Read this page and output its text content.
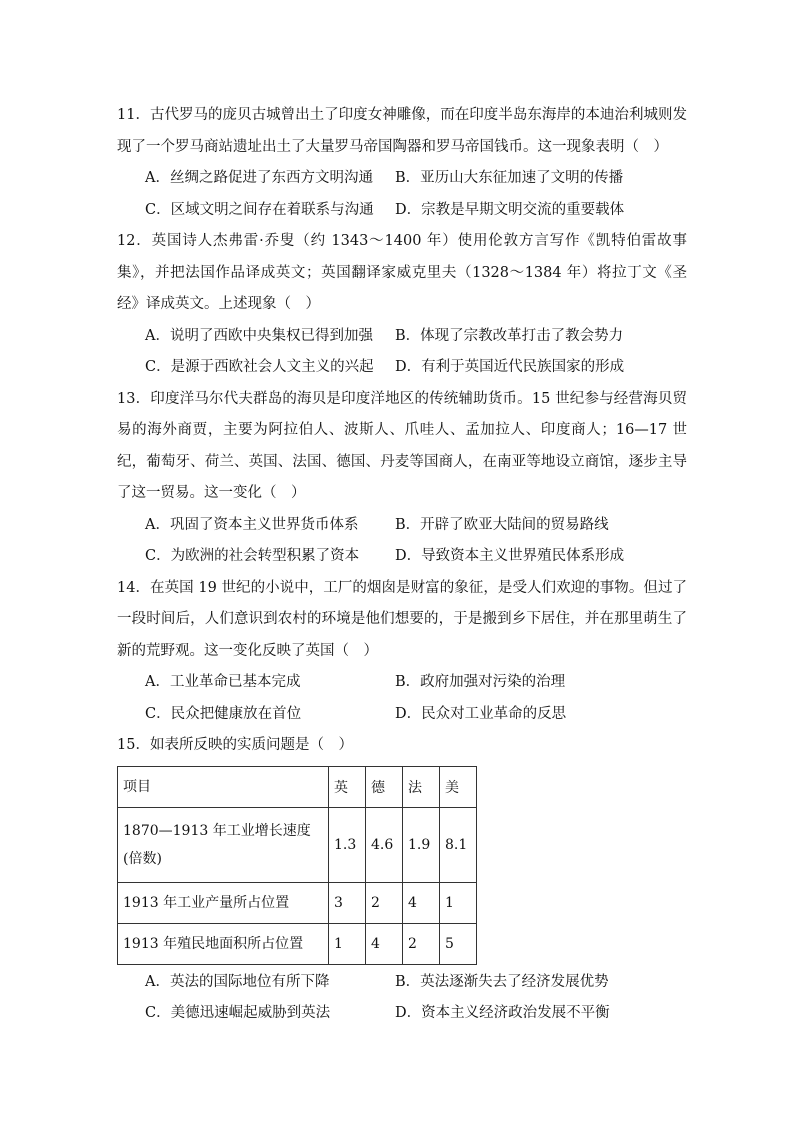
11．古代罗马的庞贝古城曾出土了印度女神雕像，而在印度半岛东海岸的本迪治利城则发现了一个罗马商站遗址出土了大量罗马帝国陶器和罗马帝国钱币。这一现象表明（　）

A．丝绸之路促进了东西方文明沟通	B．亚历山大东征加速了文明的传播
C．区域文明之间存在着联系与沟通	D．宗教是早期文明交流的重要载体

12．英国诗人杰弗雷·乔叟（约 1343～1400 年）使用伦敦方言写作《凯特伯雷故事集》，并把法国作品译成英文；英国翻译家威克里夫（1328～1384 年）将拉丁文《圣经》译成英文。上述现象（　）

A．说明了西欧中央集权已得到加强	B．体现了宗教改革打击了教会势力
C．是源于西欧社会人文主义的兴起	D．有利于英国近代民族国家的形成

13．印度洋马尔代夫群岛的海贝是印度洋地区的传统辅助货币。15 世纪参与经营海贝贸易的海外商贾，主要为阿拉伯人、波斯人、爪哇人、孟加拉人、印度商人；16—17 世纪，葡萄牙、荷兰、英国、法国、德国、丹麦等国商人，在南亚等地设立商馆，逐步主导了这一贸易。这一变化（　）

A．巩固了资本主义世界货币体系	B．开辟了欧亚大陆间的贸易路线
C．为欧洲的社会转型积累了资本	D．导致资本主义世界殖民体系形成

14．在英国 19 世纪的小说中，工厂的烟囱是财富的象征，是受人们欢迎的事物。但过了一段时间后，人们意识到农村的环境是他们想要的，于是搬到乡下居住，并在那里萌生了新的荒野观。这一变化反映了英国（　）

A．工业革命已基本完成	B．政府加强对污染的治理
C．民众把健康放在首位	D．民众对工业革命的反思

15．如表所反映的实质问题是（　）

项目	英	德	法	美
1870—1913 年工业增长速度(倍数)	1.3	4.6	1.9	8.1
1913 年工业产量所占位置	3	2	4	1
1913 年殖民地面积所占位置	1	4	2	5
A．英法的国际地位有所下降	B．英法逐渐失去了经济发展优势
C．美德迅速崛起威胁到英法	D．资本主义经济政治发展不平衡
